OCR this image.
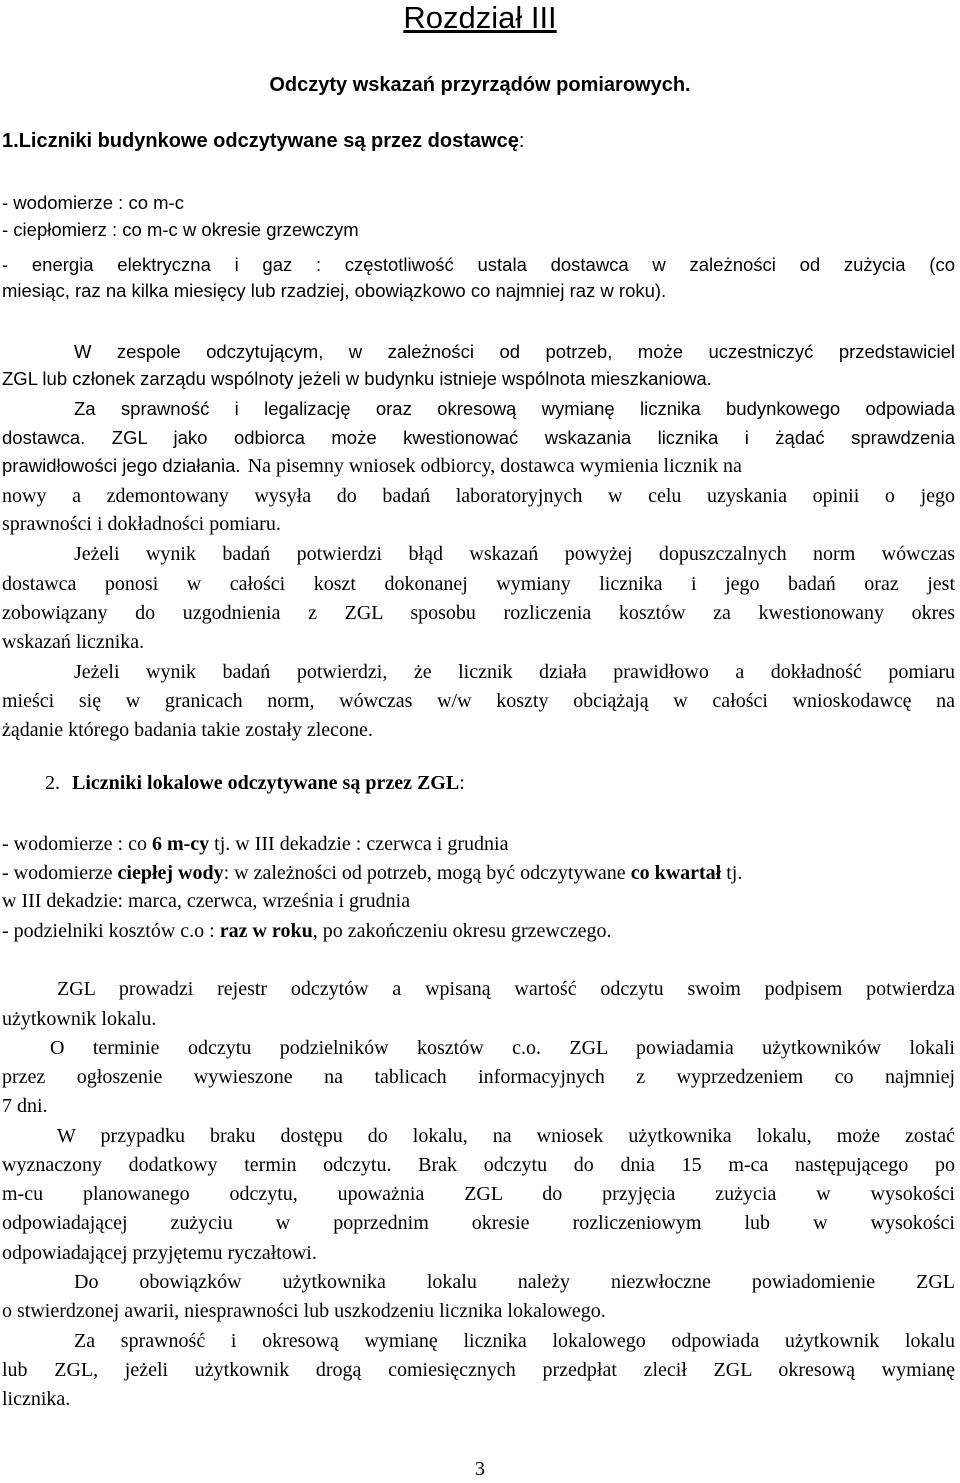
Rozdział III
Odczyty wskazań przyrządów pomiarowych.
1.Liczniki budynkowe odczytywane są przez dostawcę:
- wodomierze : co m-c
- ciepłomierz : co m-c w okresie grzewczym
- energia elektryczna i gaz : częstotliwość ustala dostawca w zależności od zużycia (co
miesiąc, raz na kilka miesięcy lub rzadziej, obowiązkowo co najmniej raz w roku).
W zespole odczytującym, w zależności od potrzeb, może uczestniczyć przedstawiciel
ZGL lub członek zarządu wspólnoty jeżeli w budynku istnieje wspólnota mieszkaniowa.
Za sprawność i legalizację oraz okresową wymianę licznika budynkowego odpowiada
dostawca. ZGL jako odbiorca może kwestionować wskazania licznika i żądać sprawdzenia
prawidłowości jego działania. Na pisemny wniosek odbiorcy, dostawca wymienia licznik na
nowy a zdemontowany wysyła do badań laboratoryjnych w celu uzyskania opinii o jego
sprawności i dokładności pomiaru.
Jeżeli wynik badań potwierdzi błąd wskazań powyżej dopuszczalnych norm wówczas
dostawca ponosi w całości koszt dokonanej wymiany licznika i jego badań oraz jest
zobowiązany do uzgodnienia z ZGL sposobu rozliczenia kosztów za kwestionowany okres
wskazań licznika.
Jeżeli wynik badań potwierdzi, że licznik działa prawidłowo a dokładność pomiaru
mieści się w granicach norm, wówczas w/w koszty obciążają w całości wnioskodawcę na
żądanie którego badania takie zostały zlecone.
2. Liczniki lokalowe odczytywane są przez ZGL:
- wodomierze : co 6 m-cy tj. w III dekadzie : czerwca i grudnia
- wodomierze ciepłej wody: w zależności od potrzeb, mogą być odczytywane co kwartał tj.
w III dekadzie: marca, czerwca, września i grudnia
- podzielniki kosztów c.o : raz w roku, po zakończeniu okresu grzewczego.
ZGL prowadzi rejestr odczytów a wpisaną wartość odczytu swoim podpisem potwierdza
użytkownik lokalu.
O terminie odczytu podzielników kosztów c.o. ZGL powiadamia użytkowników lokali
przez ogłoszenie wywieszone na tablicach informacyjnych z wyprzedzeniem co najmniej
7 dni.
W przypadku braku dostępu do lokalu, na wniosek użytkownika lokalu, może zostać
wyznaczony dodatkowy termin odczytu. Brak odczytu do dnia 15 m-ca następującego po
m-cu planowanego odczytu, upoważnia ZGL do przyjęcia zużycia w wysokości
odpowiadającej zużyciu w poprzednim okresie rozliczeniowym lub w wysokości
odpowiadającej przyjętemu ryczałtowi.
Do obowiązków użytkownika lokalu należy niezwłoczne powiadomienie ZGL
o stwierdzonej awarii, niesprawności lub uszkodzeniu licznika lokalowego.
Za sprawność i okresową wymianę licznika lokalowego odpowiada użytkownik lokalu
lub ZGL, jeżeli użytkownik drogą comiesięcznych przedpłat zlecił ZGL okresową wymianę
licznika.
3
